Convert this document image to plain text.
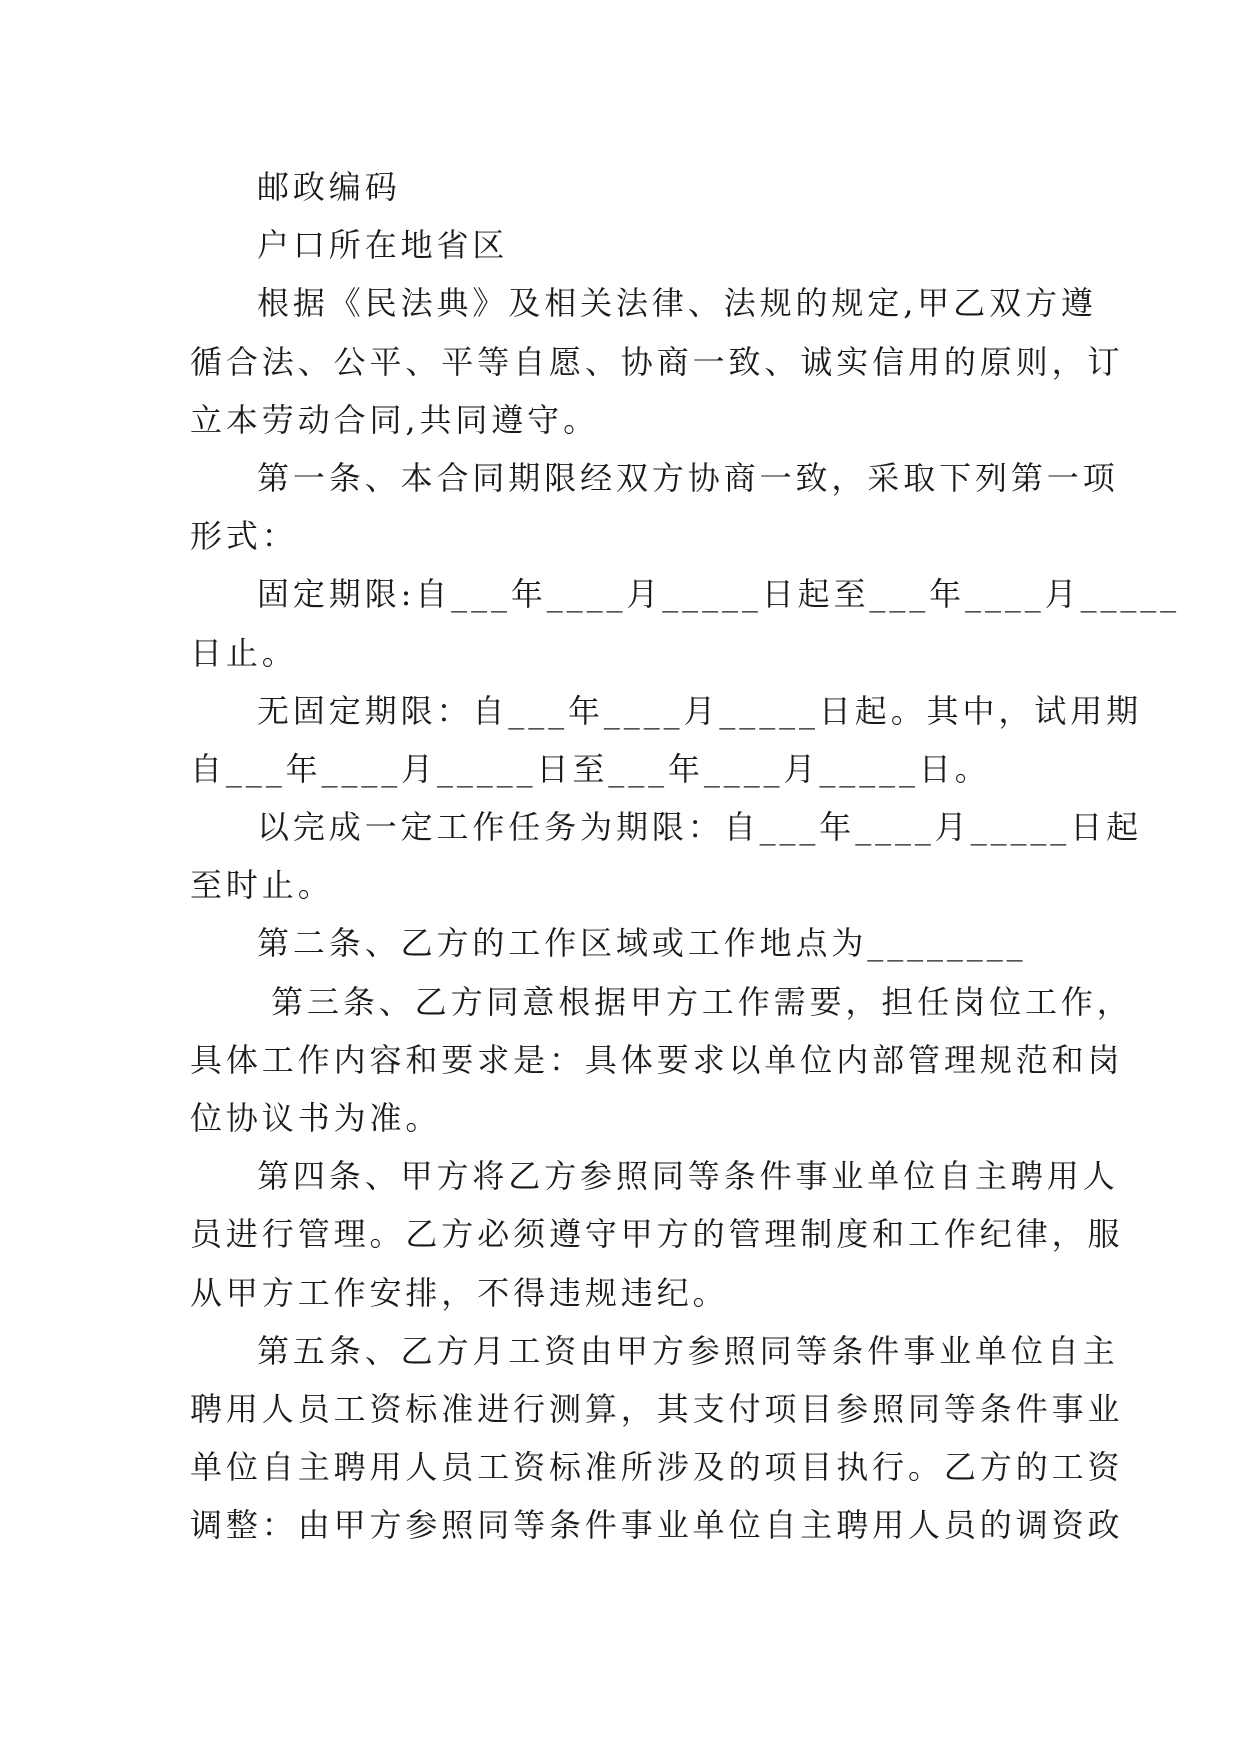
邮政编码
户口所在地省区
根据《民法典》及相关法律、法规的规定,甲乙双方遵
循合法、公平、平等自愿、协商一致、诚实信用的原则，订
立本劳动合同,共同遵守。
第一条、本合同期限经双方协商一致，采取下列第一项
形式：
固定期限:自___年____月_____日起至___年____月_____
日止。
无固定期限：自___年____月_____日起。其中，试用期
自___年____月_____日至___年____月_____日。
以完成一定工作任务为期限：自___年____月_____日起
至时止。
第二条、乙方的工作区域或工作地点为________
第三条、乙方同意根据甲方工作需要，担任岗位工作，
具体工作内容和要求是：具体要求以单位内部管理规范和岗
位协议书为准。
第四条、甲方将乙方参照同等条件事业单位自主聘用人
员进行管理。乙方必须遵守甲方的管理制度和工作纪律，服
从甲方工作安排，不得违规违纪。
第五条、乙方月工资由甲方参照同等条件事业单位自主
聘用人员工资标准进行测算，其支付项目参照同等条件事业
单位自主聘用人员工资标准所涉及的项目执行。乙方的工资
调整：由甲方参照同等条件事业单位自主聘用人员的调资政
